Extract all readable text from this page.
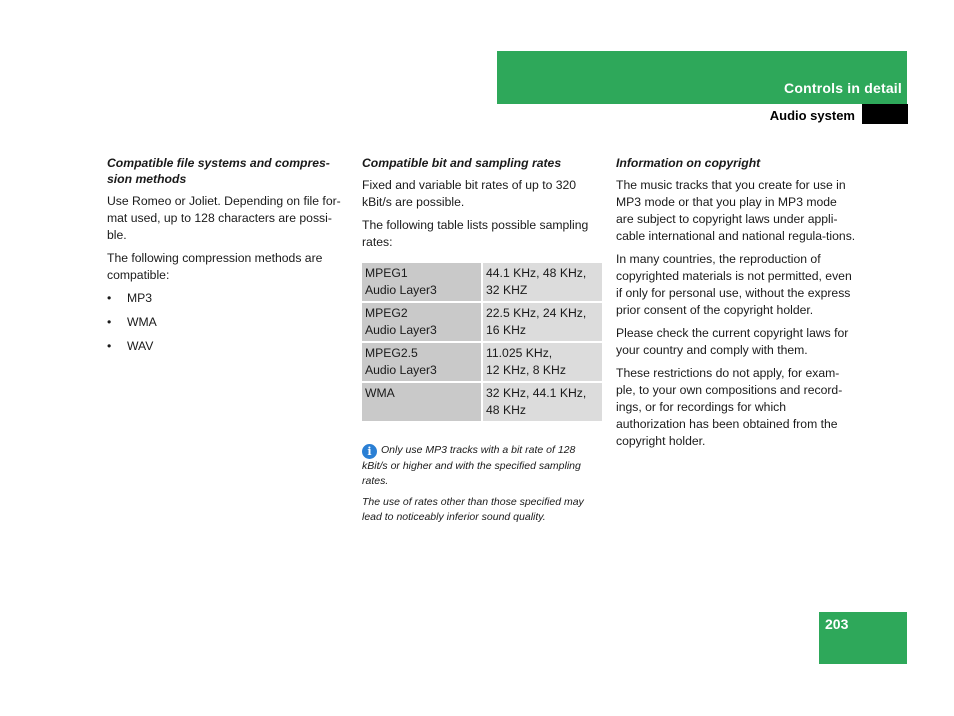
Controls in detail
Audio system
Compatible file systems and compres-sion methods

Use Romeo or Joliet. Depending on file for-mat used, up to 128 characters are possi-ble.

The following compression methods are compatible:

• MP3
• WMA
• WAV
Compatible bit and sampling rates

Fixed and variable bit rates of up to 320 kBit/s are possible.

The following table lists possible sampling rates:

MPEG1
Audio Layer3	44.1 KHz, 48 KHz, 32 KHZ
MPEG2
Audio Layer3	22.5 KHz, 24 KHz, 16 KHz
MPEG2.5
Audio Layer3	11.025 KHz,
12 KHz, 8 KHz
WMA	32 KHz, 44.1 KHz, 48 KHz

i Only use MP3 tracks with a bit rate of 128 kBit/s or higher and with the specified sampling rates.

The use of rates other than those specified may lead to noticeably inferior sound quality.

Information on copyright

The music tracks that you create for use in MP3 mode or that you play in MP3 mode are subject to copyright laws under appli-cable international and national regula-tions.

In many countries, the reproduction of copyrighted materials is not permitted, even if only for personal use, without the express prior consent of the copyright holder.

Please check the current copyright laws for your country and comply with them.

These restrictions do not apply, for exam-ple, to your own compositions and record-ings, or for recordings for which authorization has been obtained from the copyright holder.

203
